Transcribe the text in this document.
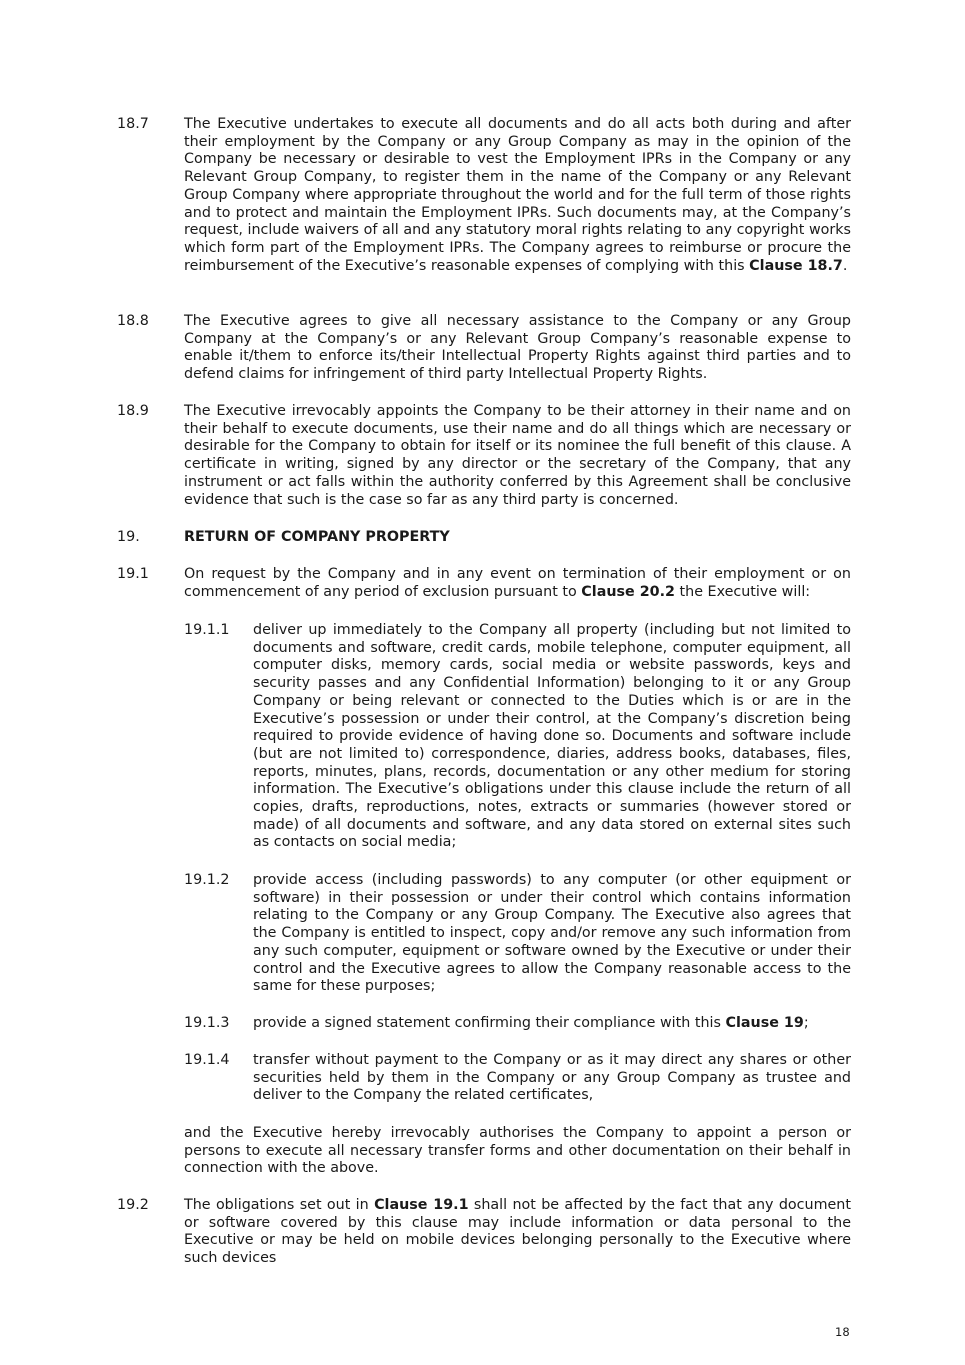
18.7 The Executive undertakes to execute all documents and do all acts both during and after their employment by the Company or any Group Company as may in the opinion of the Company be necessary or desirable to vest the Employment IPRs in the Company or any Relevant Group Company, to register them in the name of the Company or any Relevant Group Company where appropriate throughout the world and for the full term of those rights and to protect and maintain the Employment IPRs. Such documents may, at the Company’s request, include waivers of all and any statutory moral rights relating to any copyright works which form part of the Employment IPRs. The Company agrees to reimburse or procure the reimbursement of the Executive’s reasonable expenses of complying with this Clause 18.7.
18.8 The Executive agrees to give all necessary assistance to the Company or any Group Company at the Company’s or any Relevant Group Company’s reasonable expense to enable it/them to enforce its/their Intellectual Property Rights against third parties and to defend claims for infringement of third party Intellectual Property Rights.
18.9 The Executive irrevocably appoints the Company to be their attorney in their name and on their behalf to execute documents, use their name and do all things which are necessary or desirable for the Company to obtain for itself or its nominee the full benefit of this clause. A certificate in writing, signed by any director or the secretary of the Company, that any instrument or act falls within the authority conferred by this Agreement shall be conclusive evidence that such is the case so far as any third party is concerned.
19.	RETURN OF COMPANY PROPERTY
19.1 On request by the Company and in any event on termination of their employment or on commencement of any period of exclusion pursuant to Clause 20.2 the Executive will:
19.1.1 deliver up immediately to the Company all property (including but not limited to documents and software, credit cards, mobile telephone, computer equipment, all computer disks, memory cards, social media or website passwords, keys and security passes and any Confidential Information) belonging to it or any Group Company or being relevant or connected to the Duties which is or are in the Executive’s possession or under their control, at the Company’s discretion being required to provide evidence of having done so. Documents and software include (but are not limited to) correspondence, diaries, address books, databases, files, reports, minutes, plans, records, documentation or any other medium for storing information. The Executive’s obligations under this clause include the return of all copies, drafts, reproductions, notes, extracts or summaries (however stored or made) of all documents and software, and any data stored on external sites such as contacts on social media;
19.1.2 provide access (including passwords) to any computer (or other equipment or software) in their possession or under their control which contains information relating to the Company or any Group Company. The Executive also agrees that the Company is entitled to inspect, copy and/or remove any such information from any such computer, equipment or software owned by the Executive or under their control and the Executive agrees to allow the Company reasonable access to the same for these purposes;
19.1.3 provide a signed statement confirming their compliance with this Clause 19;
19.1.4 transfer without payment to the Company or as it may direct any shares or other securities held by them in the Company or any Group Company as trustee and deliver to the Company the related certificates,
and the Executive hereby irrevocably authorises the Company to appoint a person or persons to execute all necessary transfer forms and other documentation on their behalf in connection with the above.
19.2 The obligations set out in Clause 19.1 shall not be affected by the fact that any document or software covered by this clause may include information or data personal to the Executive or may be held on mobile devices belonging personally to the Executive where such devices
18
